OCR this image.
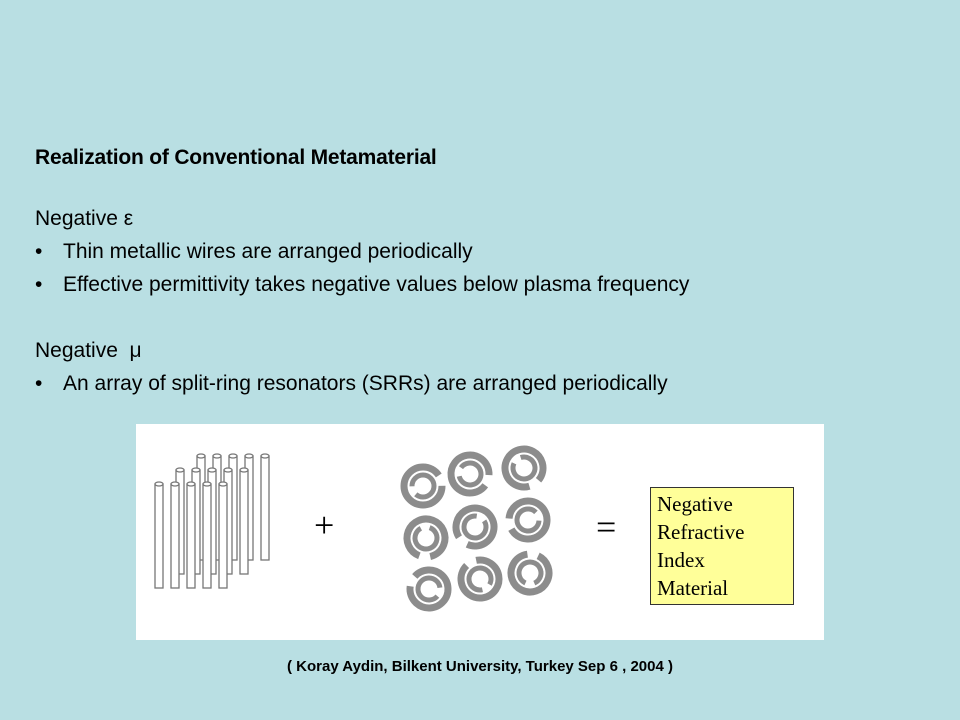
Realization of Conventional Metamaterial
Negative ε
• Thin metallic wires are arranged periodically
• Effective permittivity takes negative values below plasma frequency
Negative  μ
• An array of split-ring resonators (SRRs) are arranged periodically
+	=
Negative
Refractive
Index
Material
( Koray Aydin, Bilkent University, Turkey Sep 6 , 2004 )
